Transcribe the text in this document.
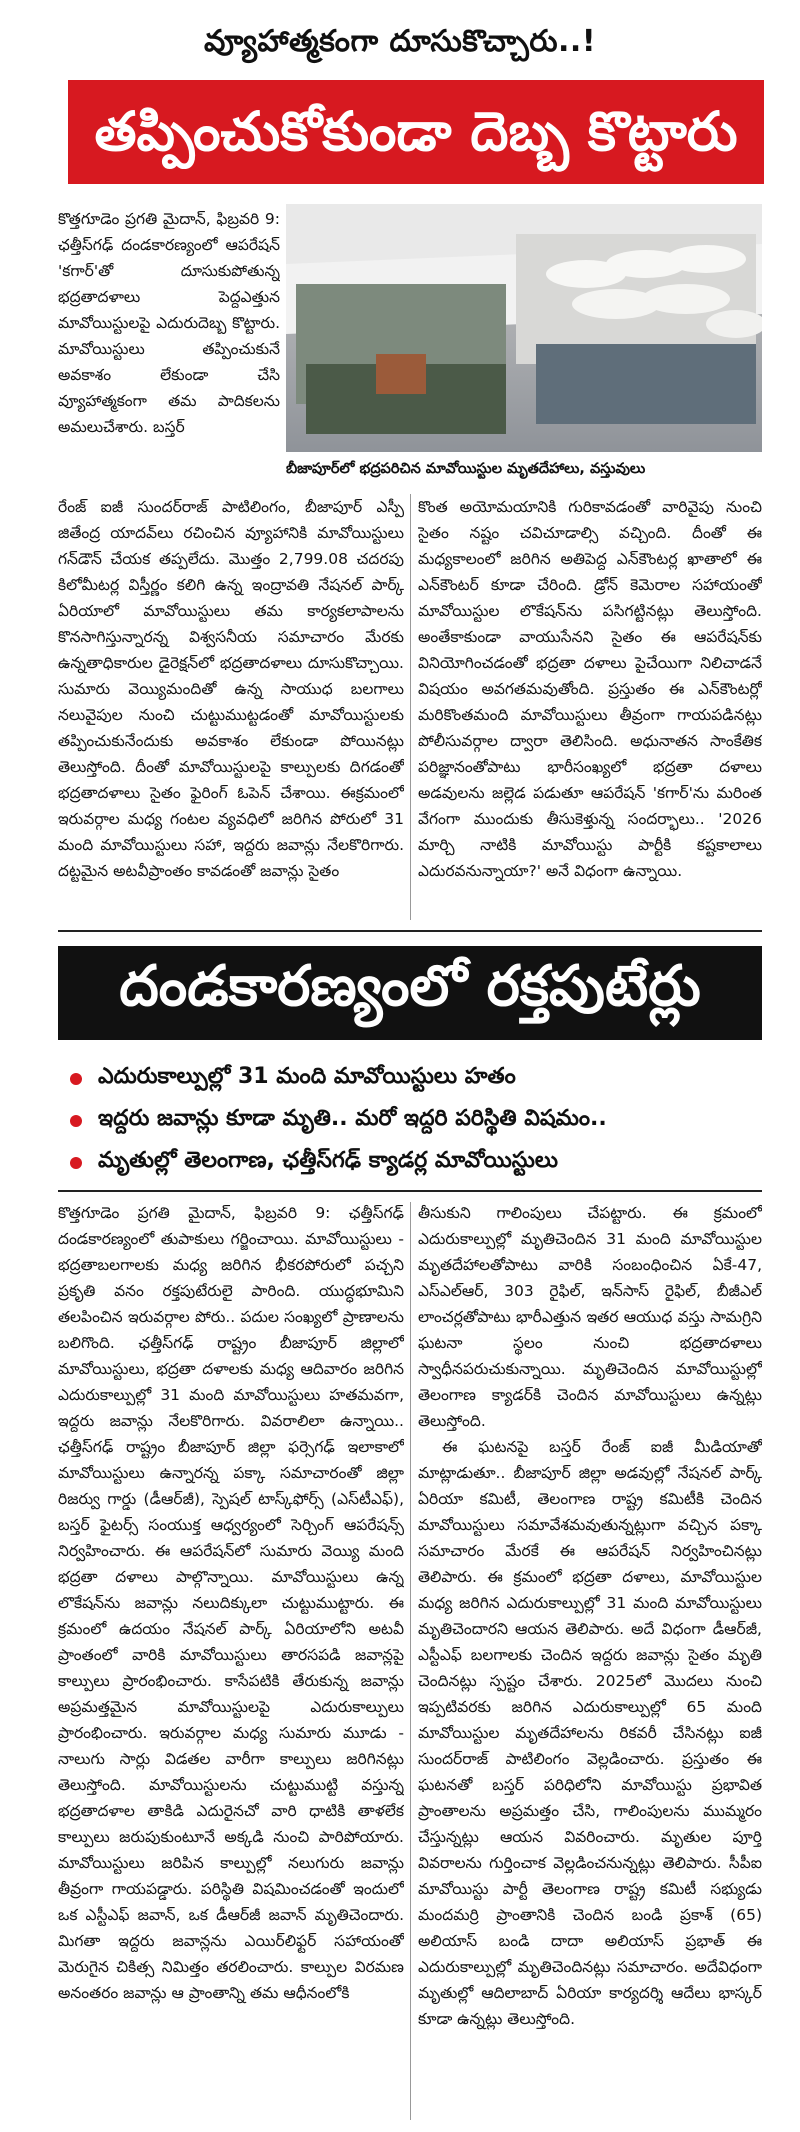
వ్యూహాత్మకంగా దూసుకొచ్చారు..!
తప్పించుకోకుండా దెబ్బ కొట్టారు

కొత్తగూడెం ప్రగతి మైదాన్, ఫిబ్రవరి 9: ఛత్తీస్‌గఢ్ దండకారణ్యంలో ఆపరేషన్ 'కగార్'తో దూసుకుపోతున్న భద్రతాదళాలు పెద్దఎత్తున మావోయిస్టులపై ఎదురుదెబ్బ కొట్టారు. మావోయిస్టులు తప్పించుకునే అవకాశం లేకుండా చేసి వ్యూహాత్మకంగా తమ పాదికలను అమలుచేశారు. బస్తర్

బీజాపూర్‌లో భద్రపరిచిన మావోయిస్టుల మృతదేహాలు, వస్తువులు

రేంజ్ ఐజీ సుందర్‌రాజ్ పాటిలింగం, బీజాపూర్ ఎస్పీ జితేంద్ర యాదవ్‌లు రచించిన వ్యూహానికి మావోయిస్టులు గన్‌డౌన్ చేయక తప్పలేదు. మొత్తం 2,799.08 చదరపు కిలోమీటర్ల విస్తీర్ణం కలిగి ఉన్న ఇంద్రావతి నేషనల్ పార్క్ ఏరియాలో మావోయిస్టులు తమ కార్యకలాపాలను కొనసాగిస్తున్నారన్న విశ్వసనీయ సమాచారం మేరకు ఉన్నతాధికారుల డైరెక్షన్‌లో భద్రతాదళాలు దూసుకొచ్చాయి. సుమారు వెయ్యిమందితో ఉన్న సాయుధ బలగాలు నలువైపుల నుంచి చుట్టుముట్టడంతో మావోయిస్టులకు తప్పించుకునేందుకు అవకాశం లేకుండా పోయినట్లు తెలుస్తోంది. దీంతో మావోయిస్టులపై కాల్పులకు దిగడంతో భద్రతాదళాలు సైతం ఫైరింగ్ ఓపెన్ చేశాయి. ఈక్రమంలో ఇరువర్గాల మధ్య గంటల వ్యవధిలో జరిగిన పోరులో 31 మంది మావోయిస్టులు సహా, ఇద్దరు జవాన్లు నేలకొరిగారు. దట్టమైన అటవీప్రాంతం కావడంతో జవాన్లు సైతం

కొంత అయోమయానికి గురికావడంతో వారివైపు నుంచి సైతం నష్టం చవిచూడాల్సి వచ్చింది. దీంతో ఈ మధ్యకాలంలో జరిగిన అతిపెద్ద ఎన్‌కౌంటర్ల ఖాతాలో ఈ ఎన్‌కౌంటర్ కూడా చేరింది. డ్రోన్ కెమెరాల సహాయంతో మావోయిస్టుల లొకేషన్‌ను పసిగట్టినట్లు తెలుస్తోంది. అంతేకాకుండా వాయుసేనని సైతం ఈ ఆపరేషన్‌కు వినియోగించడంతో భద్రతా దళాలు పైచేయిగా నిలిచాడనే విషయం అవగతమవుతోంది. ప్రస్తుతం ఈ ఎన్‌కౌంటర్లో మరికొంతమంది మావోయిస్టులు తీవ్రంగా గాయపడినట్లు పోలీసువర్గాల ద్వారా తెలిసింది. అధునాతన సాంకేతిక పరిజ్ఞానంతోపాటు భారీసంఖ్యలో భద్రతా దళాలు అడవులను జల్లెడ పడుతూ ఆపరేషన్ 'కగార్'ను మరింత వేగంగా ముందుకు తీసుకెళ్తున్న సందర్భాలు.. '2026 మార్చి నాటికి మావోయిస్టు పార్టీకి కష్టకాలాలు ఎదురవనున్నాయా?' అనే విధంగా ఉన్నాయి.

దండకారణ్యంలో రక్తపుటేర్లు
ఎదురుకాల్పుల్లో 31 మంది మావోయిస్టులు హతం
ఇద్దరు జవాన్లు కూడా మృతి.. మరో ఇద్దరి పరిస్థితి విషమం..
మృతుల్లో తెలంగాణ, ఛత్తీస్‌గఢ్ క్యాడర్ల మావోయిస్టులు

కొత్తగూడెం ప్రగతి మైదాన్, ఫిబ్రవరి 9: ఛత్తీస్‌గఢ్ దండకారణ్యంలో తుపాకులు గర్జించాయి. మావోయిస్టులు - భద్రతాబలగాలకు మధ్య జరిగిన భీకరపోరులో పచ్చని ప్రకృతి వనం రక్తపుటేరులై పారింది. యుద్ధభూమిని తలపించిన ఇరువర్గాల పోరు.. పదుల సంఖ్యలో ప్రాణాలను బలిగొంది. ఛత్తీస్‌గఢ్ రాష్ట్రం బీజాపూర్ జిల్లాలో మావోయిస్టులు, భద్రతా దళాలకు మధ్య ఆదివారం జరిగిన ఎదురుకాల్పుల్లో 31 మంది మావోయిస్టులు హతమవగా, ఇద్దరు జవాన్లు నేలకొరిగారు. వివరాలిలా ఉన్నాయి.. ఛత్తీస్‌గఢ్ రాష్ట్రం బీజాపూర్ జిల్లా ఫర్సెగఢ్ ఇలాకాలో మావోయిస్టులు ఉన్నారన్న పక్కా సమాచారంతో జిల్లా రిజర్వు గార్డు (డీఆర్‌జీ), స్పెషల్ టాస్క్‌ఫోర్స్ (ఎస్‌టీఎఫ్), బస్తర్ ఫైటర్స్ సంయుక్త ఆధ్వర్యంలో సెర్చింగ్ ఆపరేషన్స్ నిర్వహించారు. ఈ ఆపరేషన్‌లో సుమారు వెయ్యి మంది భద్రతా దళాలు పాల్గొన్నాయి. మావోయిస్టులు ఉన్న లొకేషన్‌ను జవాన్లు నలుదిక్కులా చుట్టుముట్టారు. ఈ క్రమంలో ఉదయం నేషనల్ పార్క్ ఏరియాలోని అటవీ ప్రాంతంలో వారికి మావోయిస్టులు తారసపడి జవాన్లపై కాల్పులు ప్రారంభించారు. కాసేపటికి తేరుకున్న జవాన్లు అప్రమత్తమైన మావోయిస్టులపై ఎదురుకాల్పులు ప్రారంభించారు. ఇరువర్గాల మధ్య సుమారు మూడు - నాలుగు సార్లు విడతల వారీగా కాల్పులు జరిగినట్లు తెలుస్తోంది. మావోయిస్టులను చుట్టుముట్టి వస్తున్న భద్రతాదళాల తాకిడి ఎదురైనచో వారి ధాటికి తాళలేక కాల్పులు జరుపుకుంటూనే అక్కడి నుంచి పారిపోయారు. మావోయిస్టులు జరిపిన కాల్పుల్లో నలుగురు జవాన్లు తీవ్రంగా గాయపడ్డారు. పరిస్థితి విషమించడంతో ఇందులో ఒక ఎస్టీఎఫ్ జవాన్, ఒక డీఆర్‌జీ జవాన్ మృతిచెందారు. మిగతా ఇద్దరు జవాన్లను ఎయిర్‌లిఫ్టర్ సహాయంతో మెరుగైన చికిత్స నిమిత్తం తరలించారు. కాల్పుల విరమణ అనంతరం జవాన్లు ఆ ప్రాంతాన్ని తమ ఆధీనంలోకి

తీసుకుని గాలింపులు చేపట్టారు. ఈ క్రమంలో ఎదురుకాల్పుల్లో మృతిచెందిన 31 మంది మావోయిస్టుల మృతదేహాలతోపాటు వారికి సంబంధించిన ఏకే-47, ఎస్ఎల్ఆర్, 303 రైఫిల్, ఇన్‌సాస్ రైఫిల్, బీజీఎల్ లాంచర్లతోపాటు భారీఎత్తున ఇతర ఆయుధ వస్తు సామగ్రిని ఘటనా స్థలం నుంచి భద్రతాదళాలు స్వాధీనపరుచుకున్నాయి. మృతిచెందిన మావోయిస్టుల్లో తెలంగాణ క్యాడర్‌కి చెందిన మావోయిస్టులు ఉన్నట్లు తెలుస్తోంది.

ఈ ఘటనపై బస్తర్ రేంజ్ ఐజీ మీడియాతో మాట్లాడుతూ.. బీజాపూర్ జిల్లా అడవుల్లో నేషనల్ పార్క్ ఏరియా కమిటీ, తెలంగాణ రాష్ట్ర కమిటీకి చెందిన మావోయిస్టులు సమావేశమవుతున్నట్లుగా వచ్చిన పక్కా సమాచారం మేరకే ఈ ఆపరేషన్ నిర్వహించినట్లు తెలిపారు. ఈ క్రమంలో భద్రతా దళాలు, మావోయిస్టుల మధ్య జరిగిన ఎదురుకాల్పుల్లో 31 మంది మావోయిస్టులు మృతిచెందారని ఆయన తెలిపారు. అదే విధంగా డీఆర్‌జీ, ఎస్టీఎఫ్ బలగాలకు చెందిన ఇద్దరు జవాన్లు సైతం మృతి చెందినట్లు స్పష్టం చేశారు. 2025లో మొదలు నుంచి ఇప్పటివరకు జరిగిన ఎదురుకాల్పుల్లో 65 మంది మావోయిస్టుల మృతదేహాలను రికవరీ చేసినట్లు ఐజీ సుందర్‌రాజ్ పాటిలింగం వెల్లడించారు. ప్రస్తుతం ఈ ఘటనతో బస్తర్ పరిధిలోని మావోయిస్టు ప్రభావిత ప్రాంతాలను అప్రమత్తం చేసి, గాలింపులను ముమ్మరం చేస్తున్నట్లు ఆయన వివరించారు. మృతుల పూర్తి వివరాలను గుర్తించాక వెల్లడించనున్నట్లు తెలిపారు. సీపీఐ మావోయిస్టు పార్టీ తెలంగాణ రాష్ట్ర కమిటీ సభ్యుడు మందమర్రి ప్రాంతానికి చెందిన బండి ప్రకాశ్ (65) అలియాస్ బండి దాదా అలియాస్ ప్రభాత్ ఈ ఎదురుకాల్పుల్లో మృతిచెందినట్లు సమాచారం. అదేవిధంగా మృతుల్లో ఆదిలాబాద్ ఏరియా కార్యదర్శి ఆదేలు భాస్కర్ కూడా ఉన్నట్లు తెలుస్తోంది.
